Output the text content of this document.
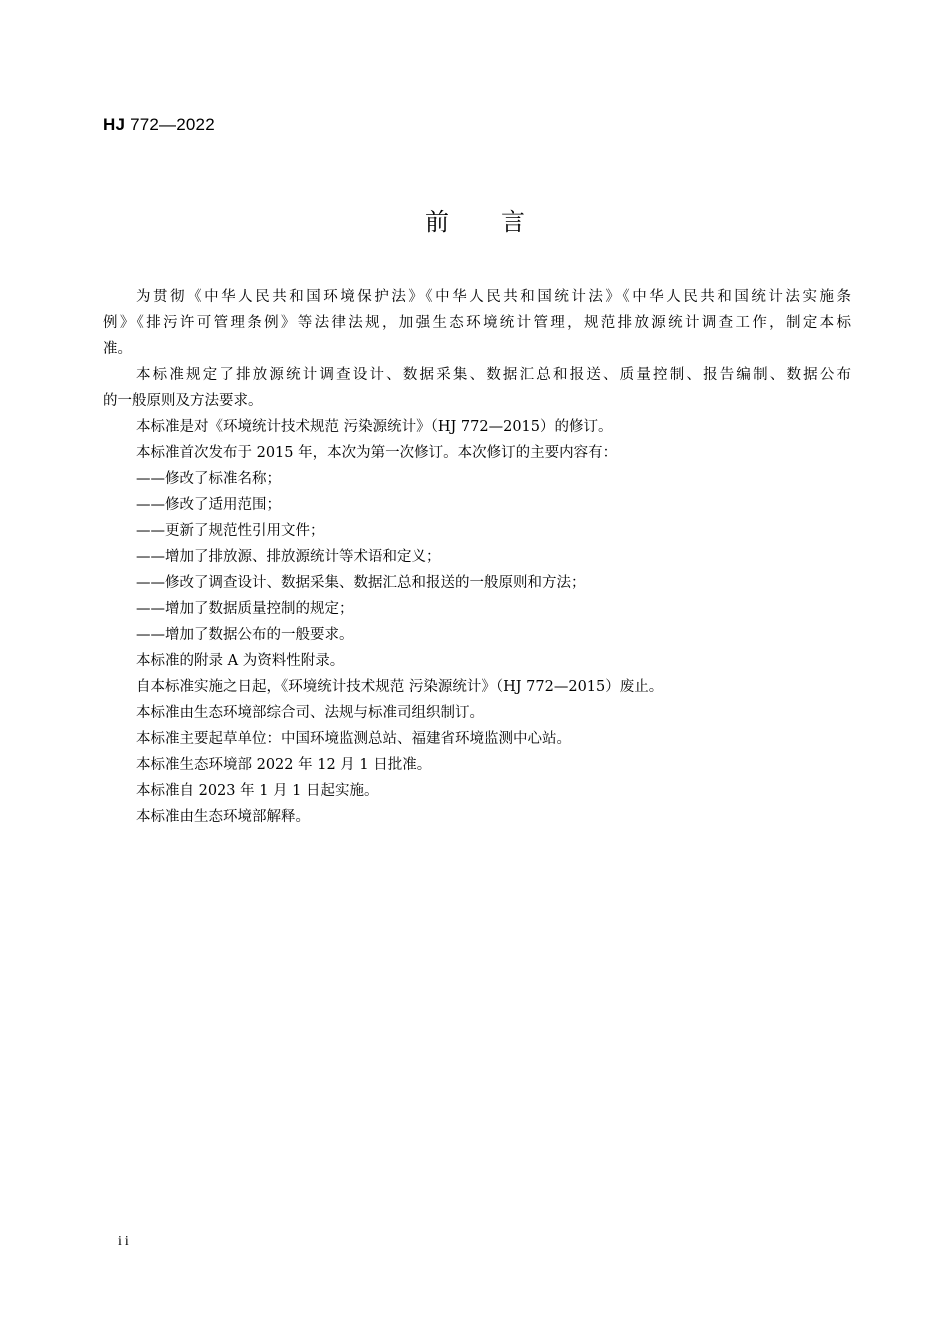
HJ 772—2022
前 言

为贯彻《中华人民共和国环境保护法》《中华人民共和国统计法》《中华人民共和国统计法实施条
例》《排污许可管理条例》等法律法规，加强生态环境统计管理，规范排放源统计调查工作，制定本标
准。

本标准规定了排放源统计调查设计、数据采集、数据汇总和报送、质量控制、报告编制、数据公布
的一般原则及方法要求。

本标准是对《环境统计技术规范 污染源统计》（HJ 772—2015）的修订。

本标准首次发布于 2015 年，本次为第一次修订。本次修订的主要内容有：

——修改了标准名称；

——修改了适用范围；

——更新了规范性引用文件；

——增加了排放源、排放源统计等术语和定义；

——修改了调查设计、数据采集、数据汇总和报送的一般原则和方法；

——增加了数据质量控制的规定；

——增加了数据公布的一般要求。

本标准的附录 A 为资料性附录。

自本标准实施之日起，《环境统计技术规范 污染源统计》（HJ 772—2015）废止。

本标准由生态环境部综合司、法规与标准司组织制订。

本标准主要起草单位：中国环境监测总站、福建省环境监测中心站。

本标准生态环境部 2022 年 12 月 1 日批准。

本标准自 2023 年 1 月 1 日起实施。

本标准由生态环境部解释。

ii
